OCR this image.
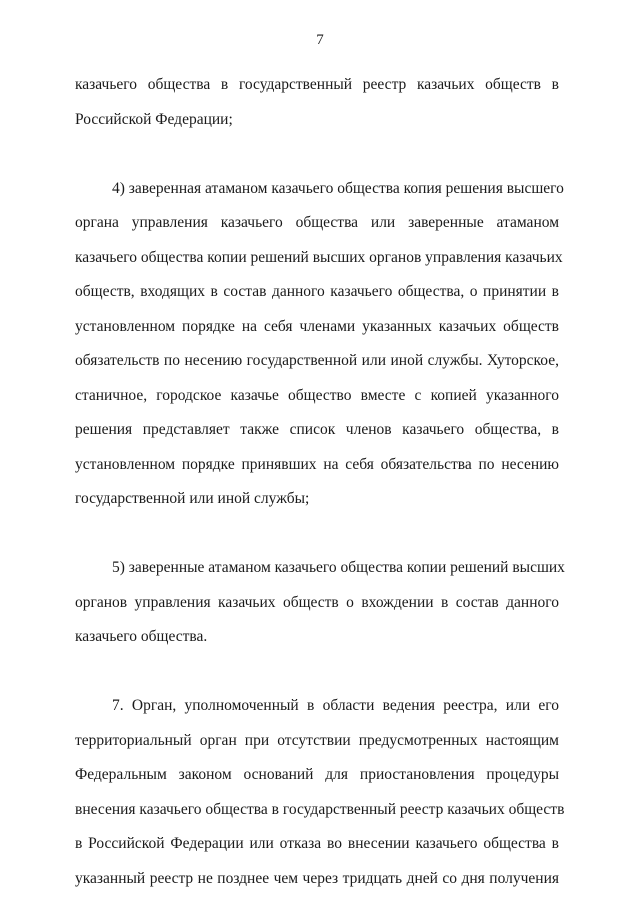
7
казачьего общества в государственный реестр казачьих обществ в
Российской Федерации;
4) заверенная атаманом казачьего общества копия решения высшего
органа управления казачьего общества или заверенные атаманом
казачьего общества копии решений высших органов управления казачьих
обществ, входящих в состав данного казачьего общества, о принятии в
установленном порядке на себя членами указанных казачьих обществ
обязательств по несению государственной или иной службы. Хуторское,
станичное, городское казачье общество вместе с копией указанного
решения представляет также список членов казачьего общества, в
установленном порядке принявших на себя обязательства по несению
государственной или иной службы;
5) заверенные атаманом казачьего общества копии решений высших
органов управления казачьих обществ о вхождении в состав данного
казачьего общества.
7. Орган, уполномоченный в области ведения реестра, или его
территориальный орган при отсутствии предусмотренных настоящим
Федеральным законом оснований для приостановления процедуры
внесения казачьего общества в государственный реестр казачьих обществ
в Российской Федерации или отказа во внесении казачьего общества в
указанный реестр не позднее чем через тридцать дней со дня получения
